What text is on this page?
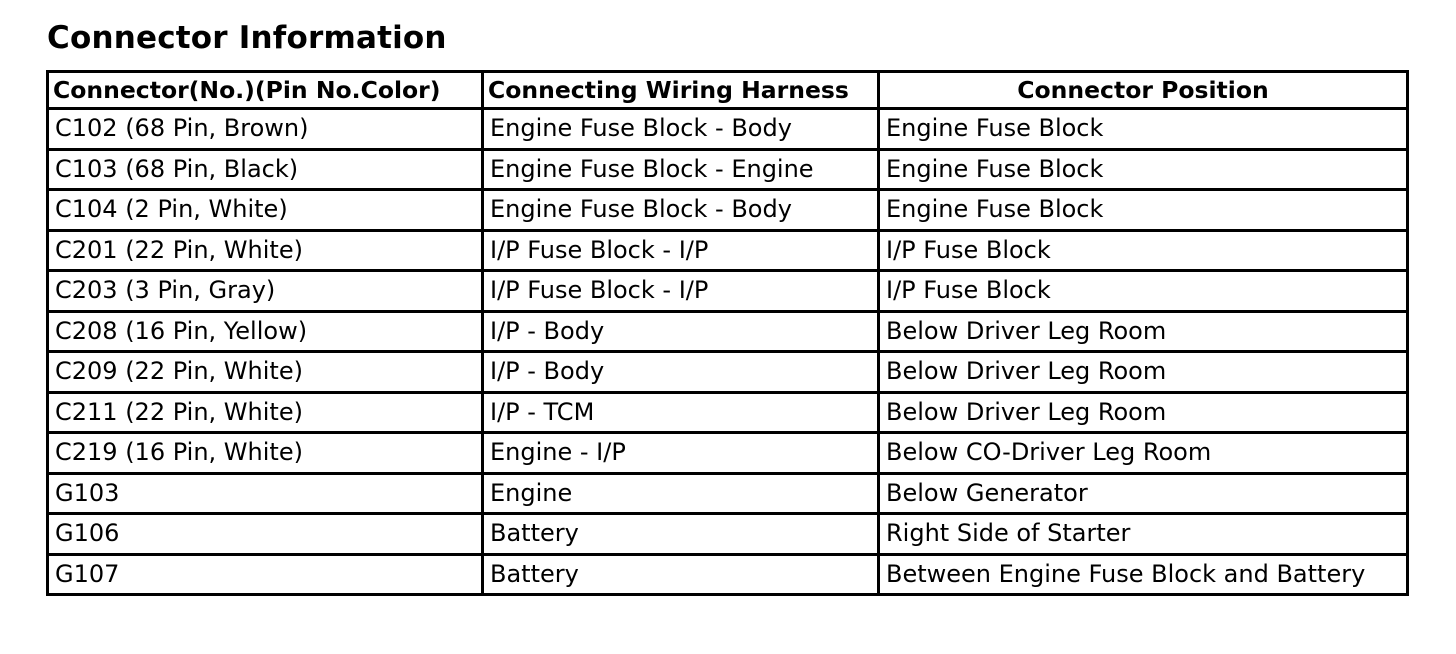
Connector Information
Connector(No.)(Pin No.Color)	Connecting Wiring Harness	Connector Position
C102 (68 Pin, Brown)	Engine Fuse Block - Body	Engine Fuse Block
C103 (68 Pin, Black)	Engine Fuse Block - Engine	Engine Fuse Block
C104 (2 Pin, White)	Engine Fuse Block - Body	Engine Fuse Block
C201 (22 Pin, White)	I/P Fuse Block - I/P	I/P Fuse Block
C203 (3 Pin, Gray)	I/P Fuse Block - I/P	I/P Fuse Block
C208 (16 Pin, Yellow)	I/P - Body	Below Driver Leg Room
C209 (22 Pin, White)	I/P - Body	Below Driver Leg Room
C211 (22 Pin, White)	I/P - TCM	Below Driver Leg Room
C219 (16 Pin, White)	Engine - I/P	Below CO-Driver Leg Room
G103	Engine	Below Generator
G106	Battery	Right Side of Starter
G107	Battery	Between Engine Fuse Block and Battery
